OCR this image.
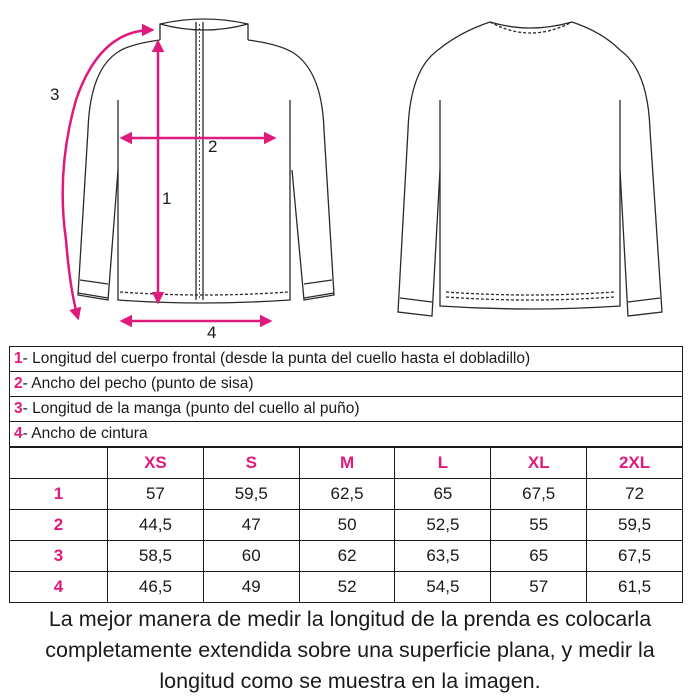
1
2
3
4
1- Longitud del cuerpo frontal (desde la punta del cuello hasta el dobladillo)
2- Ancho del pecho (punto de sisa)
3- Longitud de la manga (punto del cuello al puño)
4- Ancho de cintura
	XS	S	M	L	XL	2XL
1	57	59,5	62,5	65	67,5	72
2	44,5	47	50	52,5	55	59,5
3	58,5	60	62	63,5	65	67,5
4	46,5	49	52	54,5	57	61,5
La mejor manera de medir la longitud de la prenda es colocarla
completamente extendida sobre una superficie plana, y medir la
longitud como se muestra en la imagen.
